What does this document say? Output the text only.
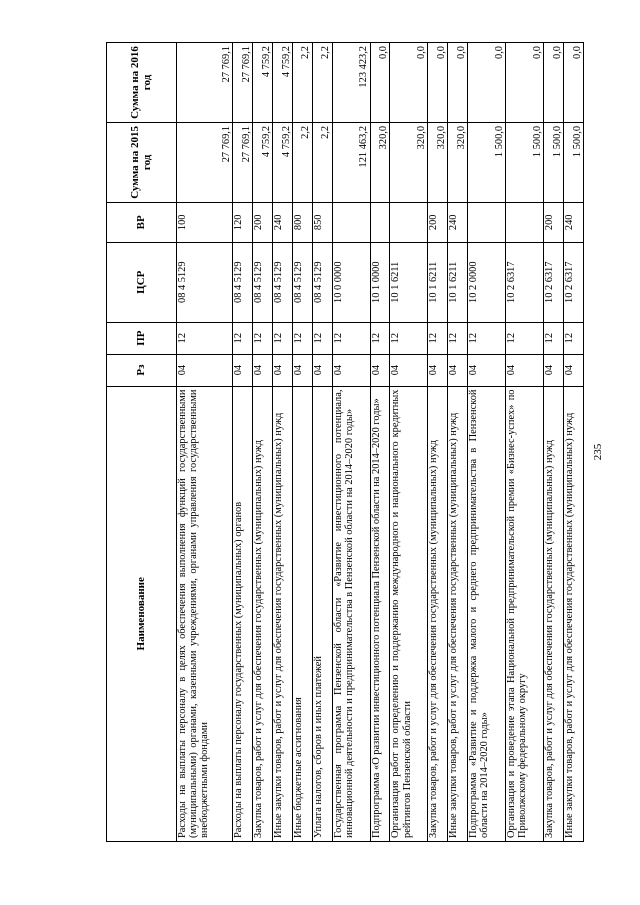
235
Наименование	Рз	ПР	ЦСР	ВР	Сумма на 2015 год	Сумма на 2016 год
Расходы на выплаты персоналу в целях обеспечения выполнения функций государственными (муниципальными) органами, казенными учреждениями, органами управления государственными внебюджетными фондами	04	12	08 4 5129	100	27 769,1	27 769,1
Расходы на выплаты персоналу государственных (муниципальных) органов	04	12	08 4 5129	120	27 769,1	27 769,1
Закупка товаров, работ и услуг для обеспечения государственных (муниципальных) нужд	04	12	08 4 5129	200	4 759,2	4 759,2
Иные закупки товаров, работ и услуг для обеспечения государственных (муниципальных) нужд	04	12	08 4 5129	240	4 759,2	4 759,2
Иные бюджетные ассигнования	04	12	08 4 5129	800	2,2	2,2
Уплата налогов, сборов и иных платежей	04	12	08 4 5129	850	2,2	2,2
Государственная программа Пензенской области «Развитие инвестиционного потенциала, инновационной деятельности и предпринимательства в Пензенской области на 2014–2020 годы»	04	12	10 0 0000		121 463,2	123 423,2
Подпрограмма «О развитии инвестиционного потенциала Пензенской области на 2014–2020 годы»	04	12	10 1 0000		320,0	0,0
Организация работ по определению и поддержанию международного и национального кредитных рейтингов Пензенской области	04	12	10 1 6211		320,0	0,0
Закупка товаров, работ и услуг для обеспечения государственных (муниципальных) нужд	04	12	10 1 6211	200	320,0	0,0
Иные закупки товаров, работ и услуг для обеспечения государственных (муниципальных) нужд	04	12	10 1 6211	240	320,0	0,0
Подпрограмма «Развитие и поддержка малого и среднего предпринимательства в Пензенской области на 2014–2020 годы»	04	12	10 2 0000		1 500,0	0,0
Организация и проведение этапа Национальной предпринимательской премии «Бизнес-успех» по Приволжскому федеральному округу	04	12	10 2 6317		1 500,0	0,0
Закупка товаров, работ и услуг для обеспечения государственных (муниципальных) нужд	04	12	10 2 6317	200	1 500,0	0,0
Иные закупки товаров, работ и услуг для обеспечения государственных (муниципальных) нужд	04	12	10 2 6317	240	1 500,0	0,0
